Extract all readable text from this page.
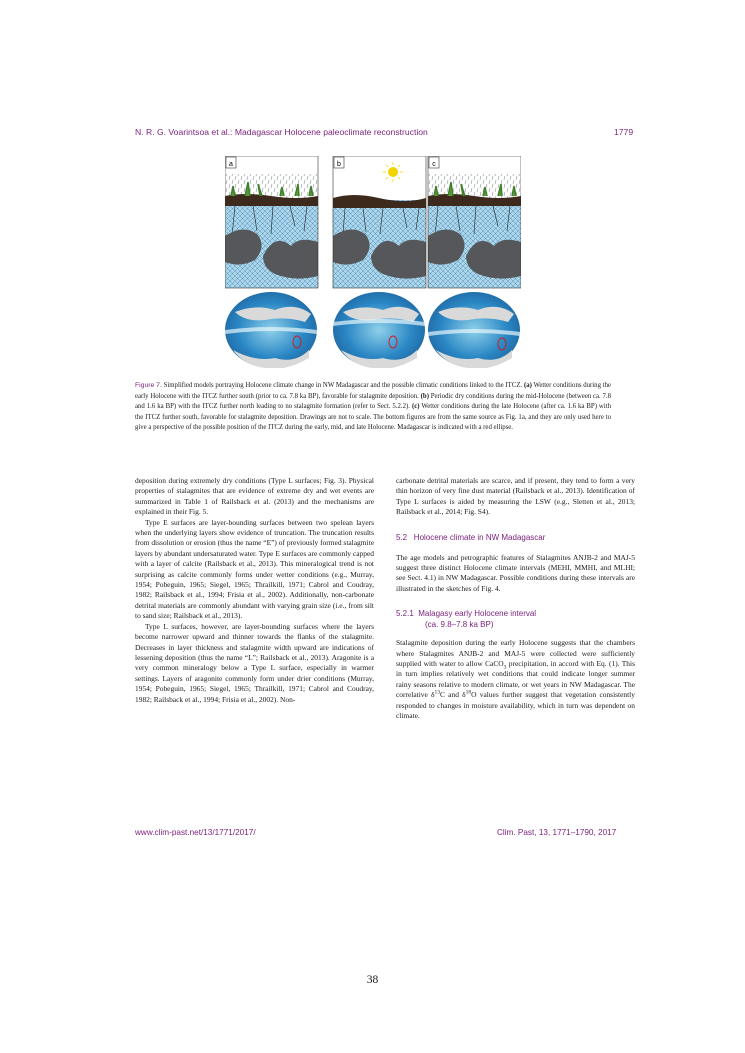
N. R. G. Voarintsoa et al.: Madagascar Holocene paleoclimate reconstruction	1779
a	b	c
Figure 7. Simplified models portraying Holocene climate change in NW Madagascar and the possible climatic conditions linked to the ITCZ. (a) Wetter conditions during the early Holocene with the ITCZ further south (prior to ca. 7.8 ka BP), favorable for stalagmite deposition. (b) Periodic dry conditions during the mid-Holocene (between ca. 7.8 and 1.6 ka BP) with the ITCZ further north leading to no stalagmite formation (refer to Sect. 5.2.2). (c) Wetter conditions during the late Holocene (after ca. 1.6 ka BP) with the ITCZ further south, favorable for stalagmite deposition. Drawings are not to scale. The bottom figures are from the same source as Fig. 1a, and they are only used here to give a perspective of the possible position of the ITCZ during the early, mid, and late Holocene. Madagascar is indicated with a red ellipse.

deposition during extremely dry conditions (Type L surfaces; Fig. 3). Physical properties of stalagmites that are evidence of extreme dry and wet events are summarized in Table 1 of Railsback et al. (2013) and the mechanisms are explained in their Fig. 5.

Type E surfaces are layer-bounding surfaces between two spelean layers when the underlying layers show evidence of truncation. The truncation results from dissolution or erosion (thus the name “E”) of previously formed stalagmite layers by abundant undersaturated water. Type E surfaces are commonly capped with a layer of calcite (Railsback et al., 2013). This mineralogical trend is not surprising as calcite commonly forms under wetter conditions (e.g., Murray, 1954; Pobeguin, 1965; Siegel, 1965; Thrailkill, 1971; Cabrol and Coudray, 1982; Railsback et al., 1994; Frisia et al., 2002). Additionally, non-carbonate detrital materials are commonly abundant with varying grain size (i.e., from silt to sand size; Railsback et al., 2013).

Type L surfaces, however, are layer-bounding surfaces where the layers become narrower upward and thinner towards the flanks of the stalagmite. Decreases in layer thickness and stalagmite width upward are indications of lessening deposition (thus the name “L”; Railsback et al., 2013). Aragonite is a very common mineralogy below a Type L surface, especially in warmer settings. Layers of aragonite commonly form under drier conditions (Murray, 1954; Pobeguin, 1965; Siegel, 1965; Thrailkill, 1971; Cabrol and Coudray, 1982; Railsback et al., 1994; Frisia et al., 2002). Non-

carbonate detrital materials are scarce, and if present, they tend to form a very thin horizon of very fine dust material (Railsback et al., 2013). Identification of Type L surfaces is aided by measuring the LSW (e.g., Sletten et al., 2013; Railsback et al., 2014; Fig. S4).

5.2 Holocene climate in NW Madagascar

The age models and petrographic features of Stalagmites ANJB-2 and MAJ-5 suggest three distinct Holocene climate intervals (MEHI, MMHI, and MLHI; see Sect. 4.1) in NW Madagascar. Possible conditions during these intervals are illustrated in the sketches of Fig. 4.

5.2.1 Malagasy early Holocene interval
(ca. 9.8–7.8 ka BP)

Stalagmite deposition during the early Holocene suggests that the chambers where Stalagmites ANJB-2 and MAJ-5 were collected were sufficiently supplied with water to allow CaCO$_3$ precipitation, in accord with Eq. (1). This in turn implies relatively wet conditions that could indicate longer summer rainy seasons relative to modern climate, or wet years in NW Madagascar. The correlative $\delta^{13}C$ and $\delta^{18}O$ values further suggest that vegetation consistently responded to changes in moisture availability, which in turn was dependent on climate.

www.clim-past.net/13/1771/2017/	Clim. Past, 13, 1771–1790, 2017
38
